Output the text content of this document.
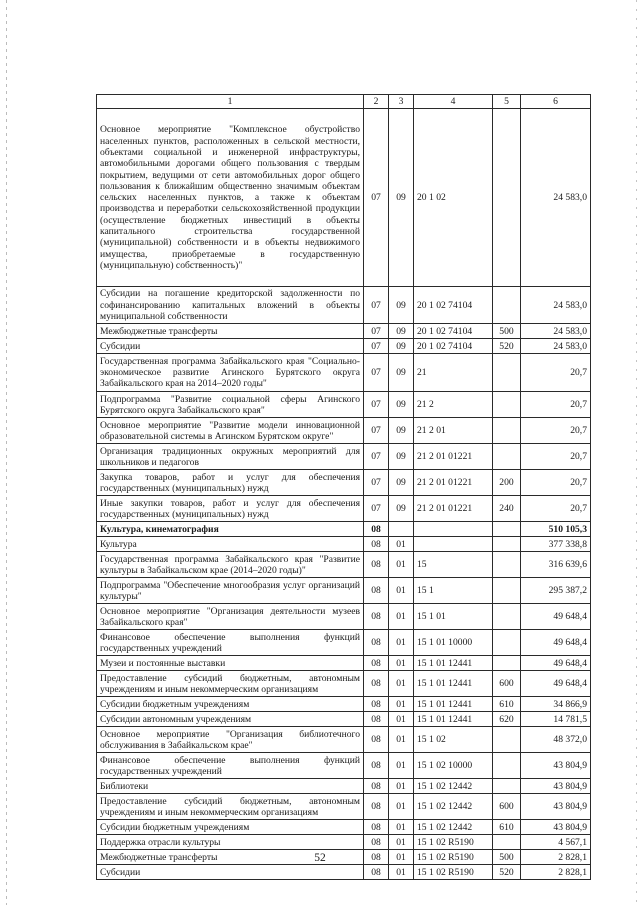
1	2	3	4	5	6
Основное мероприятие "Комплексное обустройство населенных пунктов, расположенных в сельской местности, объектами социальной и инженерной инфраструктуры, автомобильными дорогами общего пользования с твердым покрытием, ведущими от сети автомобильных дорог общего пользования к ближайшим общественно значимым объектам сельских населенных пунктов, а также к объектам производства и переработки сельскохозяйственной продукции (осуществление бюджетных инвестиций в объекты капитального строительства государственной (муниципальной) собственности и в объекты недвижимого имущества, приобретаемые в государственную (муниципальную) собственность)"	07	09	20 1 02		24 583,0
Субсидии на погашение кредиторской задолженности по софинансированию капитальных вложений в объекты муниципальной собственности	07	09	20 1 02 74104		24 583,0
Межбюджетные трансферты	07	09	20 1 02 74104	500	24 583,0
Субсидии	07	09	20 1 02 74104	520	24 583,0
Государственная программа Забайкальского края "Социально-экономическое развитие Агинского Бурятского округа Забайкальского края на 2014–2020 годы"	07	09	21		20,7
Подпрограмма "Развитие социальной сферы Агинского Бурятского округа Забайкальского края"	07	09	21 2		20,7
Основное мероприятие "Развитие модели инновационной образовательной системы в Агинском Бурятском округе"	07	09	21 2 01		20,7
Организация традиционных окружных мероприятий для школьников и педагогов	07	09	21 2 01 01221		20,7
Закупка товаров, работ и услуг для обеспечения государственных (муниципальных) нужд	07	09	21 2 01 01221	200	20,7
Иные закупки товаров, работ и услуг для обеспечения государственных (муниципальных) нужд	07	09	21 2 01 01221	240	20,7
Культура, кинематография	08				510 105,3
Культура	08	01			377 338,8
Государственная программа Забайкальского края "Развитие культуры в Забайкальском крае (2014–2020 годы)"	08	01	15		316 639,6
Подпрограмма "Обеспечение многообразия услуг организаций культуры"	08	01	15 1		295 387,2
Основное мероприятие "Организация деятельности музеев Забайкальского края"	08	01	15 1 01		49 648,4
Финансовое обеспечение выполнения функций государственных учреждений	08	01	15 1 01 10000		49 648,4
Музеи и постоянные выставки	08	01	15 1 01 12441		49 648,4
Предоставление субсидий бюджетным, автономным учреждениям и иным некоммерческим организациям	08	01	15 1 01 12441	600	49 648,4
Субсидии бюджетным учреждениям	08	01	15 1 01 12441	610	34 866,9
Субсидии автономным учреждениям	08	01	15 1 01 12441	620	14 781,5
Основное мероприятие "Организация библиотечного обслуживания в Забайкальском крае"	08	01	15 1 02		48 372,0
Финансовое обеспечение выполнения функций государственных учреждений	08	01	15 1 02 10000		43 804,9
Библиотеки	08	01	15 1 02 12442		43 804,9
Предоставление субсидий бюджетным, автономным учреждениям и иным некоммерческим организациям	08	01	15 1 02 12442	600	43 804,9
Субсидии бюджетным учреждениям	08	01	15 1 02 12442	610	43 804,9
Поддержка отрасли культуры	08	01	15 1 02 R5190		4 567,1
Межбюджетные трансферты	08	01	15 1 02 R5190	500	2 828,1
Субсидии	08	01	15 1 02 R5190	520	2 828,1
52
